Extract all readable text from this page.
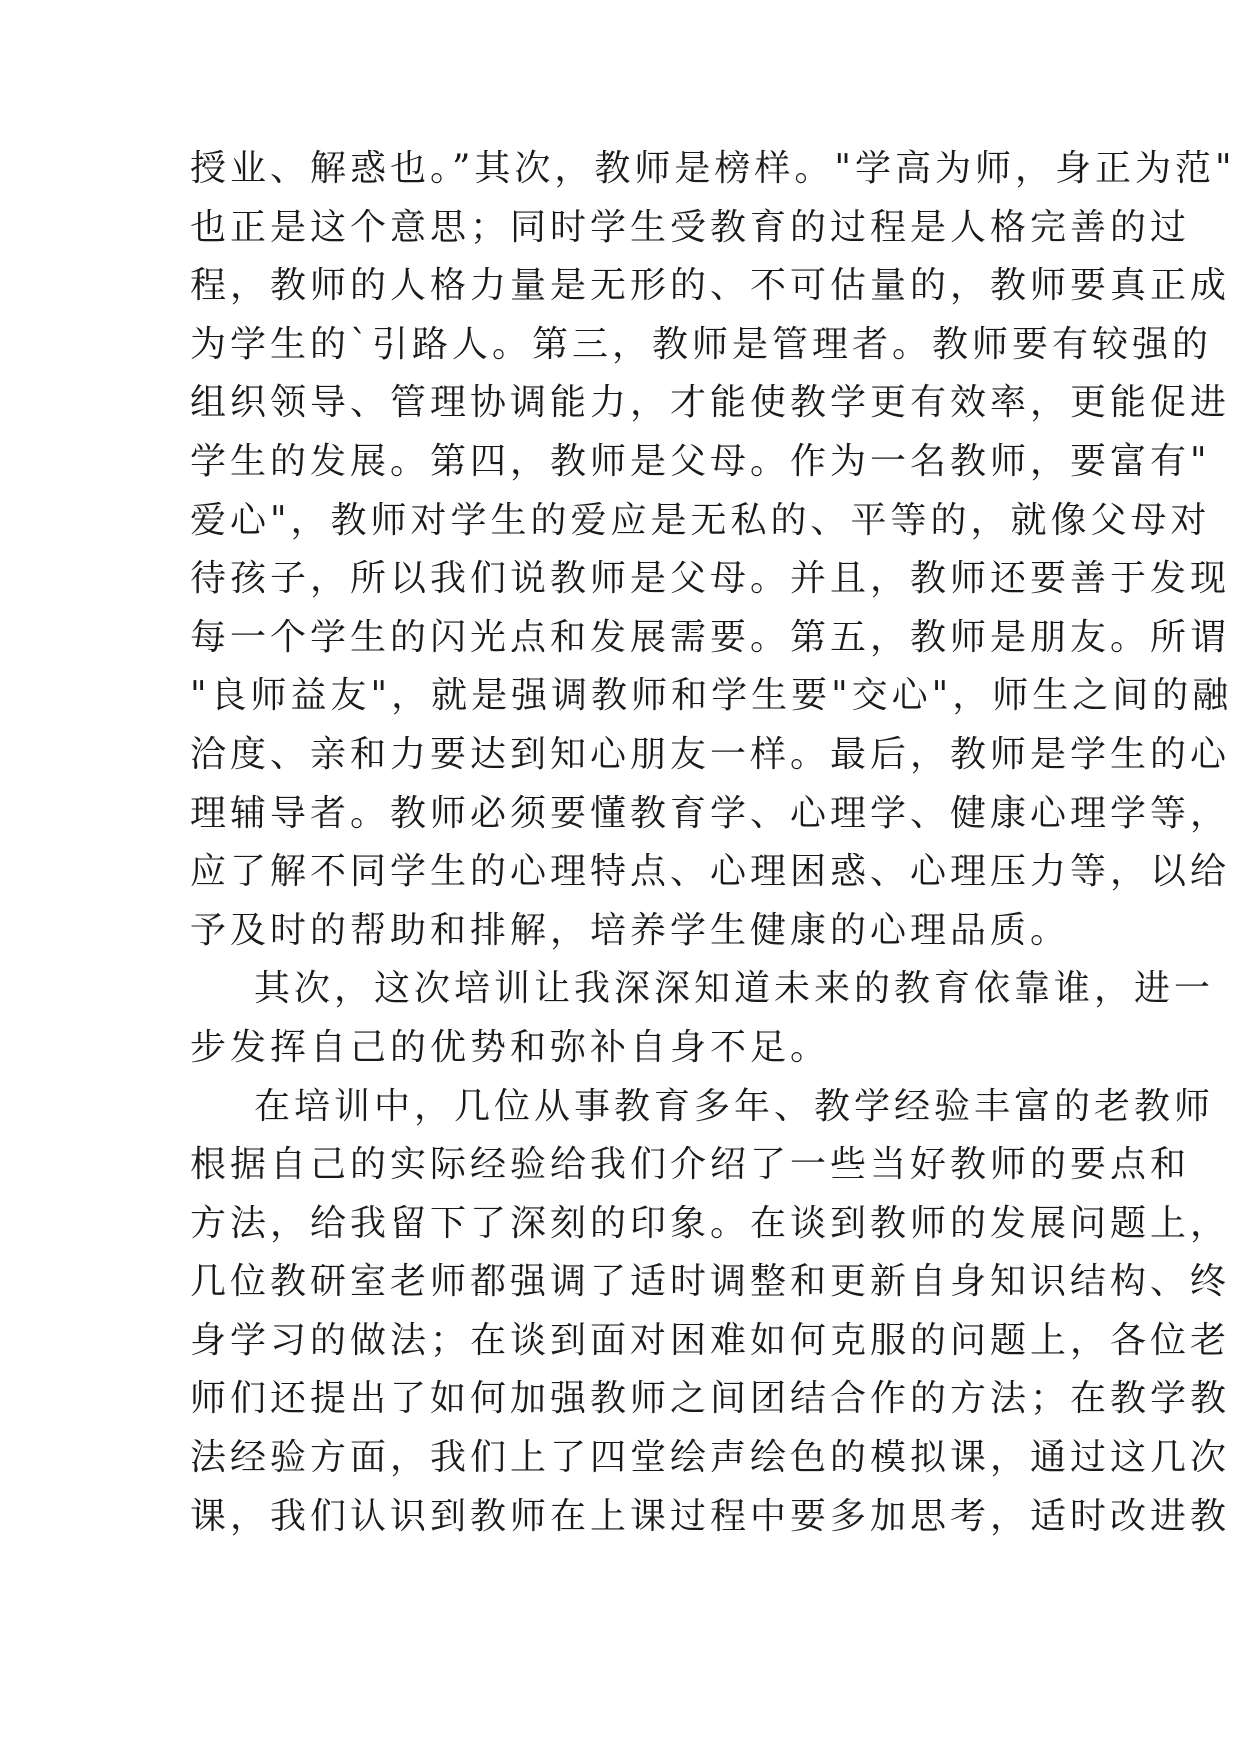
授业、解惑也。”其次，教师是榜样。"学高为师，身正为范"
也正是这个意思；同时学生受教育的过程是人格完善的过
程，教师的人格力量是无形的、不可估量的，教师要真正成
为学生的`引路人。第三，教师是管理者。教师要有较强的
组织领导、管理协调能力，才能使教学更有效率，更能促进
学生的发展。第四，教师是父母。作为一名教师，要富有"
爱心"，教师对学生的爱应是无私的、平等的，就像父母对
待孩子，所以我们说教师是父母。并且，教师还要善于发现
每一个学生的闪光点和发展需要。第五，教师是朋友。所谓
"良师益友"，就是强调教师和学生要"交心"，师生之间的融
洽度、亲和力要达到知心朋友一样。最后，教师是学生的心
理辅导者。教师必须要懂教育学、心理学、健康心理学等，
应了解不同学生的心理特点、心理困惑、心理压力等，以给
予及时的帮助和排解，培养学生健康的心理品质。
其次，这次培训让我深深知道未来的教育依靠谁，进一
步发挥自己的优势和弥补自身不足。
在培训中，几位从事教育多年、教学经验丰富的老教师
根据自己的实际经验给我们介绍了一些当好教师的要点和
方法，给我留下了深刻的印象。在谈到教师的发展问题上，
几位教研室老师都强调了适时调整和更新自身知识结构、终
身学习的做法；在谈到面对困难如何克服的问题上，各位老
师们还提出了如何加强教师之间团结合作的方法；在教学教
法经验方面，我们上了四堂绘声绘色的模拟课，通过这几次
课，我们认识到教师在上课过程中要多加思考，适时改进教
